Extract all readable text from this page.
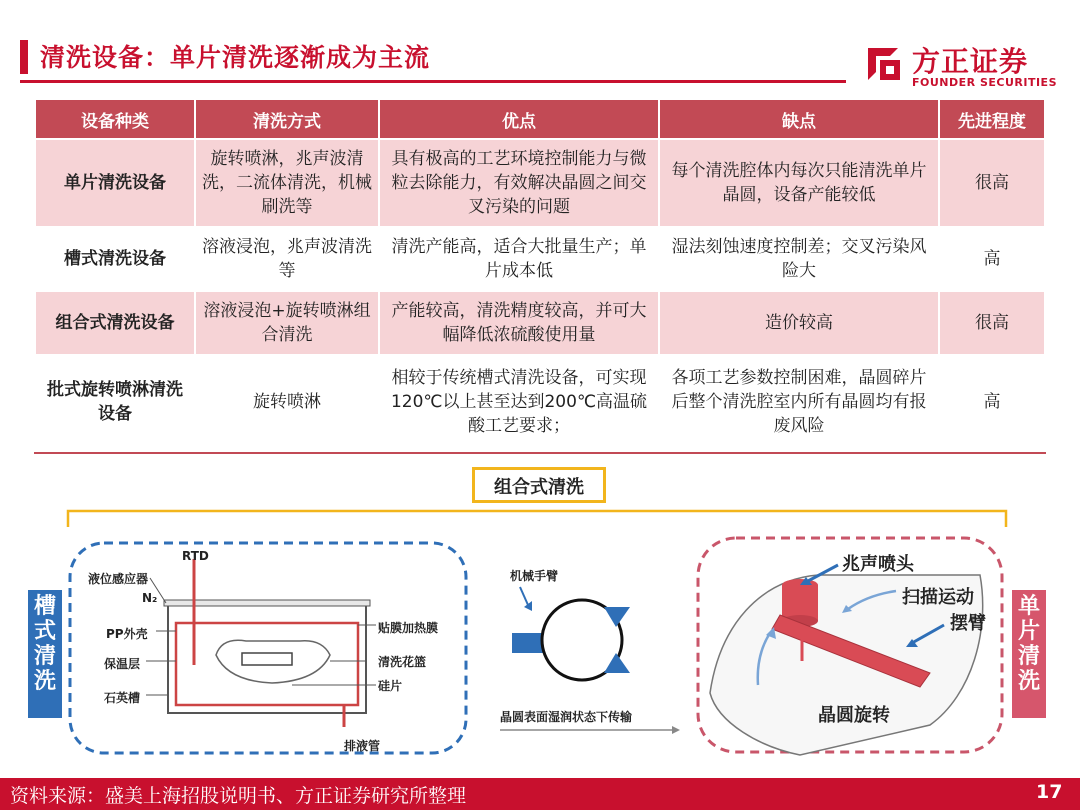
清洗设备：单片清洗逐渐成为主流	方正证券
FOUNDER SECURITIES
设备种类	清洗方式	优点	缺点	先进程度
单片清洗设备	旋转喷淋，兆声波清洗，二流体清洗，机械刷洗等	具有极高的工艺环境控制能力与微粒去除能力，有效解决晶圆之间交叉污染的问题	每个清洗腔体内每次只能清洗单片晶圆，设备产能较低	很高
槽式清洗设备	溶液浸泡，兆声波清洗等	清洗产能高，适合大批量生产；单片成本低	湿法刻蚀速度控制差；交叉污染风险大	高
组合式清洗设备	溶液浸泡+旋转喷淋组合清洗	产能较高，清洗精度较高，并可大幅降低浓硫酸使用量	造价较高	很高
批式旋转喷淋清洗设备	旋转喷淋	相较于传统槽式清洗设备，可实现120℃以上甚至达到200℃高温硫酸工艺要求；	各项工艺参数控制困难，晶圆碎片后整个清洗腔室内所有晶圆均有报废风险	高
组合式清洗
槽式清洗
单片清洗
RTD
液位感应器
N₂
PP外壳
保温层
石英槽
贴膜加热膜
清洗花篮
硅片
排液管
机械手臂
晶圆表面湿润状态下传输
兆声喷头
扫描运动
摆臂
晶圆旋转
资料来源：盛美上海招股说明书、方正证券研究所整理	17
